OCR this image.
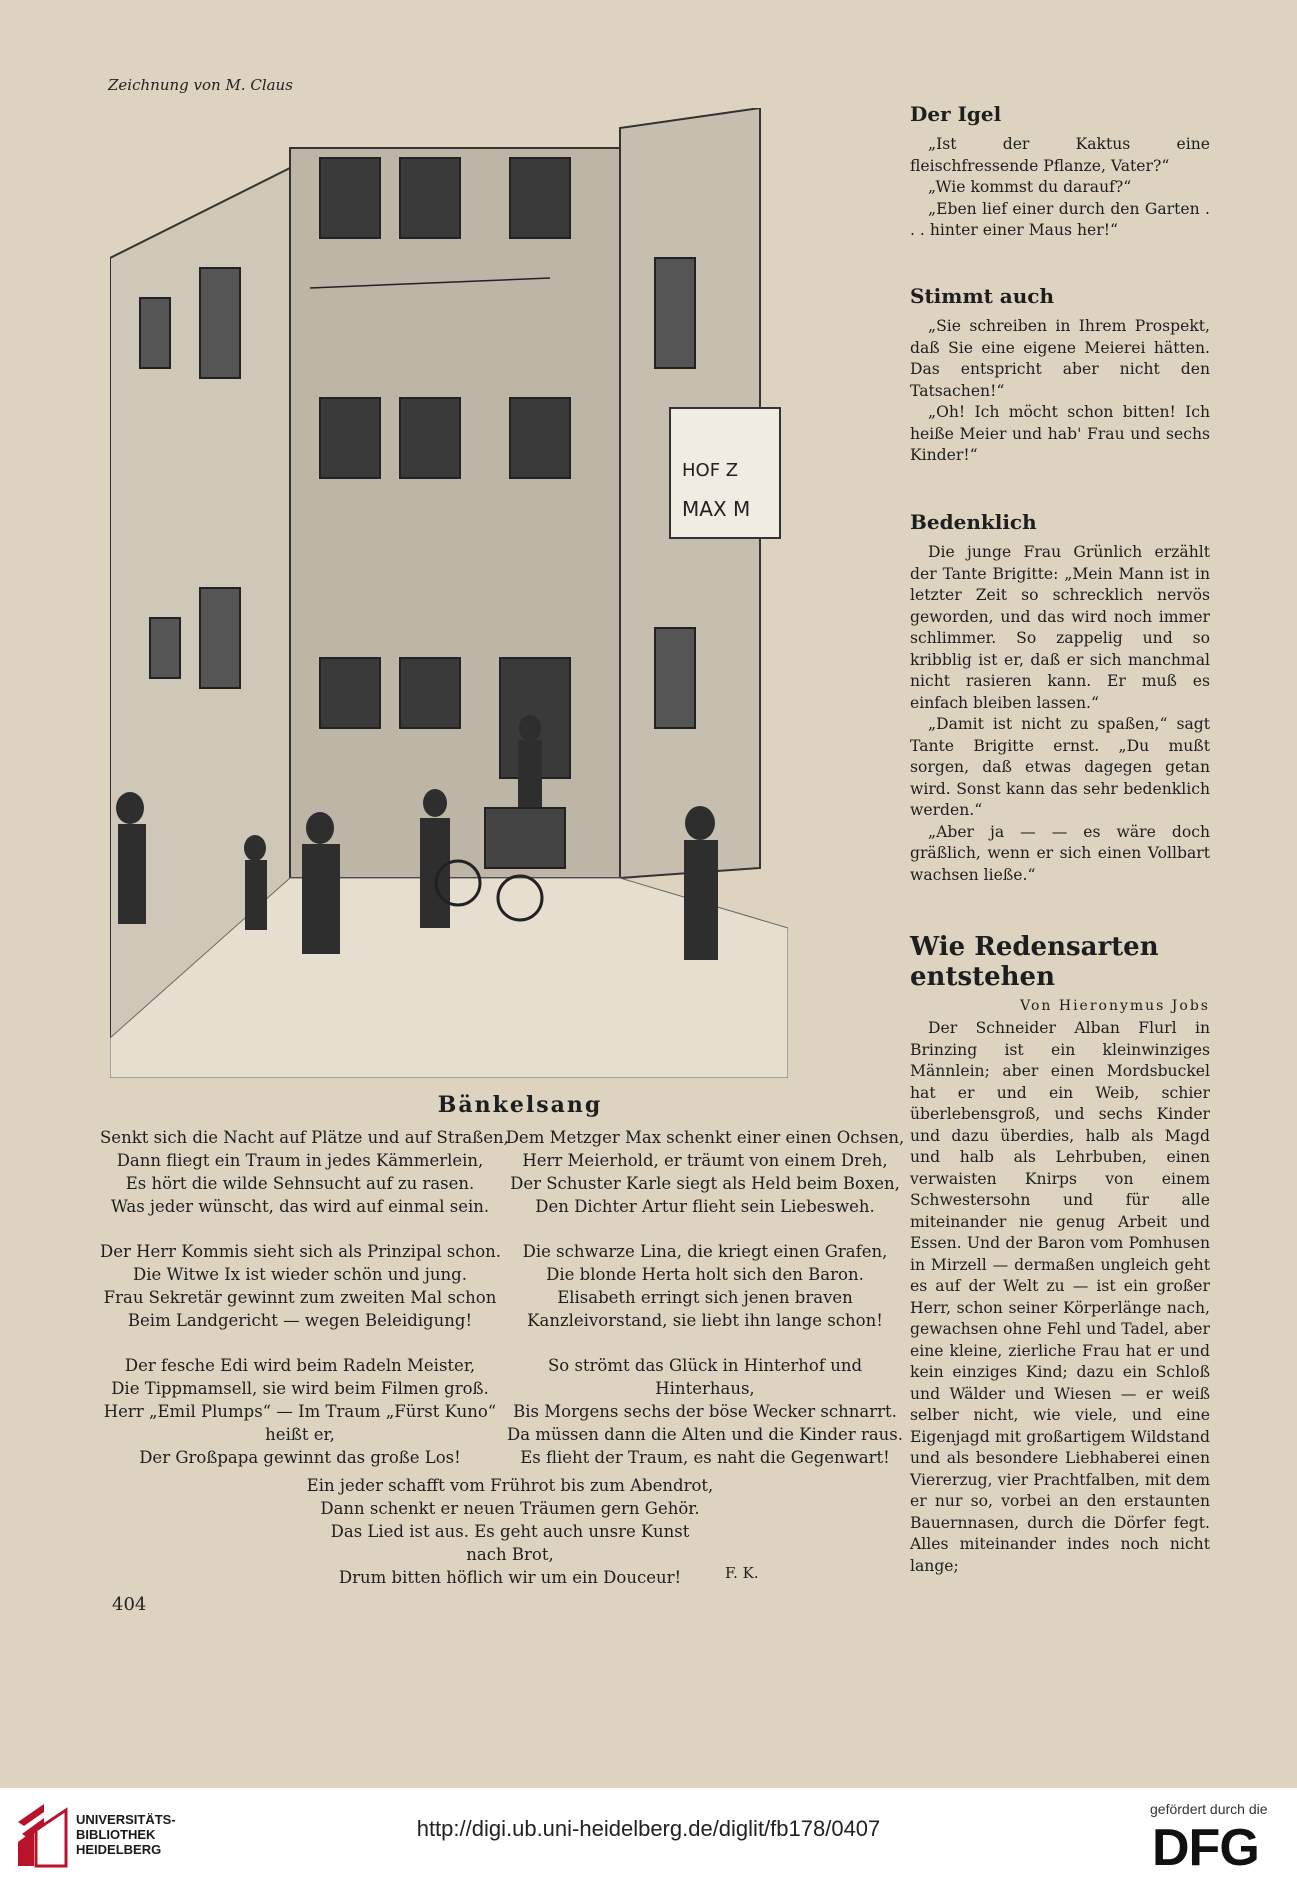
Zeichnung von M. Claus
HOF Z
MAX M
Bänkelsang
Senkt sich die Nacht auf Plätze und auf Straßen,
Dann fliegt ein Traum in jedes Kämmerlein,
Es hört die wilde Sehnsucht auf zu rasen.
Was jeder wünscht, das wird auf einmal sein.
Der Herr Kommis sieht sich als Prinzipal schon.
Die Witwe Ix ist wieder schön und jung.
Frau Sekretär gewinnt zum zweiten Mal schon
Beim Landgericht — wegen Beleidigung!
Der fesche Edi wird beim Radeln Meister,
Die Tippmamsell, sie wird beim Filmen groß.
Herr „Emil Plumps“ — Im Traum „Fürst Kuno“
heißt er,
Der Großpapa gewinnt das große Los!
Dem Metzger Max schenkt einer einen Ochsen,
Herr Meierhold, er träumt von einem Dreh,
Der Schuster Karle siegt als Held beim Boxen,
Den Dichter Artur flieht sein Liebesweh.
Die schwarze Lina, die kriegt einen Grafen,
Die blonde Herta holt sich den Baron.
Elisabeth erringt sich jenen braven
Kanzleivorstand, sie liebt ihn lange schon!
So strömt das Glück in Hinterhof und
Hinterhaus,
Bis Morgens sechs der böse Wecker schnarrt.
Da müssen dann die Alten und die Kinder raus.
Es flieht der Traum, es naht die Gegenwart!
Ein jeder schafft vom Frührot bis zum Abendrot,
Dann schenkt er neuen Träumen gern Gehör.
Das Lied ist aus. Es geht auch unsre Kunst
nach Brot,
Drum bitten höflich wir um ein Douceur!	F. K.
404
Der Igel

„Ist der Kaktus eine fleischfressende Pflanze, Vater?“

„Wie kommst du darauf?“

„Eben lief einer durch den Garten . . . hinter einer Maus her!“

Stimmt auch

„Sie schreiben in Ihrem Prospekt, daß Sie eine eigene Meierei hätten. Das entspricht aber nicht den Tatsachen!“

„Oh! Ich möcht schon bitten! Ich heiße Meier und hab' Frau und sechs Kinder!“

Bedenklich

Die junge Frau Grünlich erzählt der Tante Brigitte: „Mein Mann ist in letzter Zeit so schrecklich nervös geworden, und das wird noch immer schlimmer. So zappelig und so kribblig ist er, daß er sich manchmal nicht rasieren kann. Er muß es einfach bleiben lassen.“

„Damit ist nicht zu spaßen,“ sagt Tante Brigitte ernst. „Du mußt sorgen, daß etwas dagegen getan wird. Sonst kann das sehr bedenklich werden.“

„Aber ja — — es wäre doch gräßlich, wenn er sich einen Vollbart wachsen ließe.“

Wie Redensarten entstehen
Von Hieronymus Jobs

Der Schneider Alban Flurl in Brinzing ist ein kleinwinziges Männlein; aber einen Mordsbuckel hat er und ein Weib, schier überlebensgroß, und sechs Kinder und dazu überdies, halb als Magd und halb als Lehrbuben, einen verwaisten Knirps von einem Schwestersohn und für alle miteinander nie genug Arbeit und Essen. Und der Baron vom Pomhusen in Mirzell — dermaßen ungleich geht es auf der Welt zu — ist ein großer Herr, schon seiner Körperlänge nach, gewachsen ohne Fehl und Tadel, aber eine kleine, zierliche Frau hat er und kein einziges Kind; dazu ein Schloß und Wälder und Wiesen — er weiß selber nicht, wie viele, und eine Eigenjagd mit großartigem Wildstand und als besondere Liebhaberei einen Viererzug, vier Prachtfalben, mit dem er nur so, vorbei an den erstaunten Bauernnasen, durch die Dörfer fegt. Alles miteinander indes noch nicht lange;

UNIVERSITÄTS-
BIBLIOTHEK
HEIDELBERG
http://digi.ub.uni-heidelberg.de/diglit/fb178/0407
gefördert durch die
DFG
